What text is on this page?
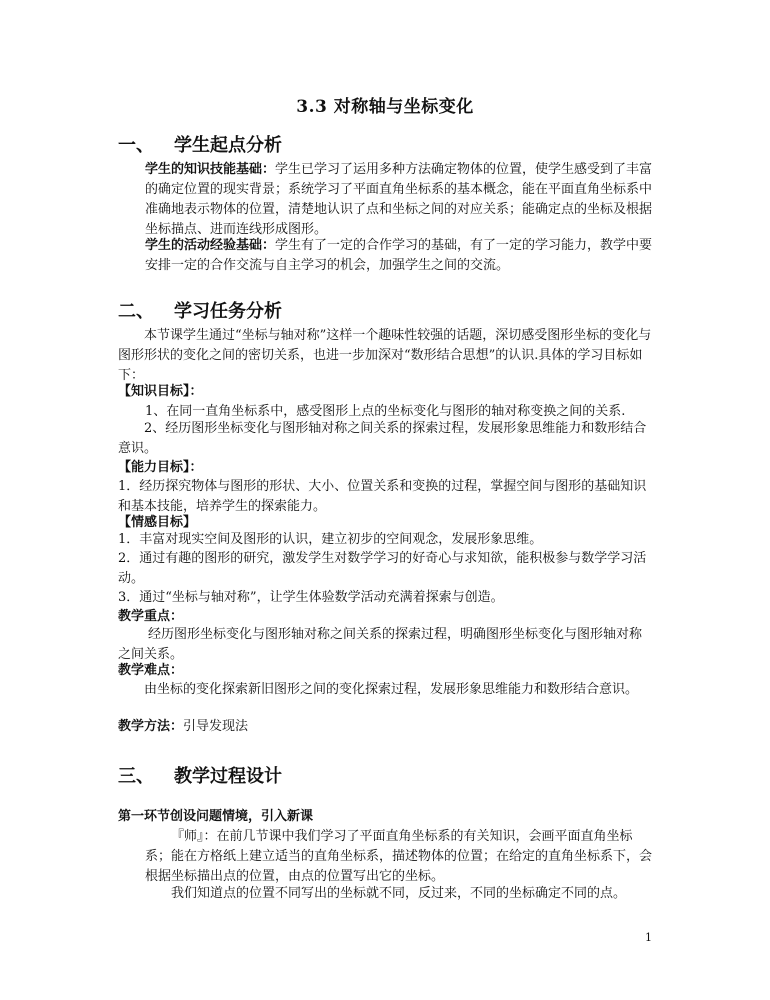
3.3 对称轴与坐标变化
一、 学生起点分析
学生的知识技能基础：学生已学习了运用多种方法确定物体的位置，使学生感受到了丰富的确定位置的现实背景；系统学习了平面直角坐标系的基本概念，能在平面直角坐标系中准确地表示物体的位置，清楚地认识了点和坐标之间的对应关系；能确定点的坐标及根据坐标描点、进而连线形成图形。
学生的活动经验基础：学生有了一定的合作学习的基础，有了一定的学习能力，教学中要安排一定的合作交流与自主学习的机会，加强学生之间的交流。
二、 学习任务分析
本节课学生通过“坐标与轴对称”这样一个趣味性较强的话题，深切感受图形坐标的变化与图形形状的变化之间的密切关系，也进一步加深对“数形结合思想”的认识.具体的学习目标如下：
【知识目标】：
1、在同一直角坐标系中，感受图形上点的坐标变化与图形的轴对称变换之间的关系.
2、经历图形坐标变化与图形轴对称之间关系的探索过程，发展形象思维能力和数形结合意识。
【能力目标】：
1．经历探究物体与图形的形状、大小、位置关系和变换的过程，掌握空间与图形的基础知识和基本技能，培养学生的探索能力。
【情感目标】
1．丰富对现实空间及图形的认识，建立初步的空间观念，发展形象思维。
2．通过有趣的图形的研究，激发学生对数学学习的好奇心与求知欲，能积极参与数学学习活动。
3．通过“坐标与轴对称”，让学生体验数学活动充满着探索与创造。
教学重点：
经历图形坐标变化与图形轴对称之间关系的探索过程，明确图形坐标变化与图形轴对称之间关系。
教学难点：
由坐标的变化探索新旧图形之间的变化探索过程，发展形象思维能力和数形结合意识。
教学方法：引导发现法
三、 教学过程设计
第一环节创设问题情境，引入新课
『师』：在前几节课中我们学习了平面直角坐标系的有关知识，会画平面直角坐标系；能在方格纸上建立适当的直角坐标系，描述物体的位置；在给定的直角坐标系下，会根据坐标描出点的位置，由点的位置写出它的坐标。
我们知道点的位置不同写出的坐标就不同，反过来，不同的坐标确定不同的点。
1
